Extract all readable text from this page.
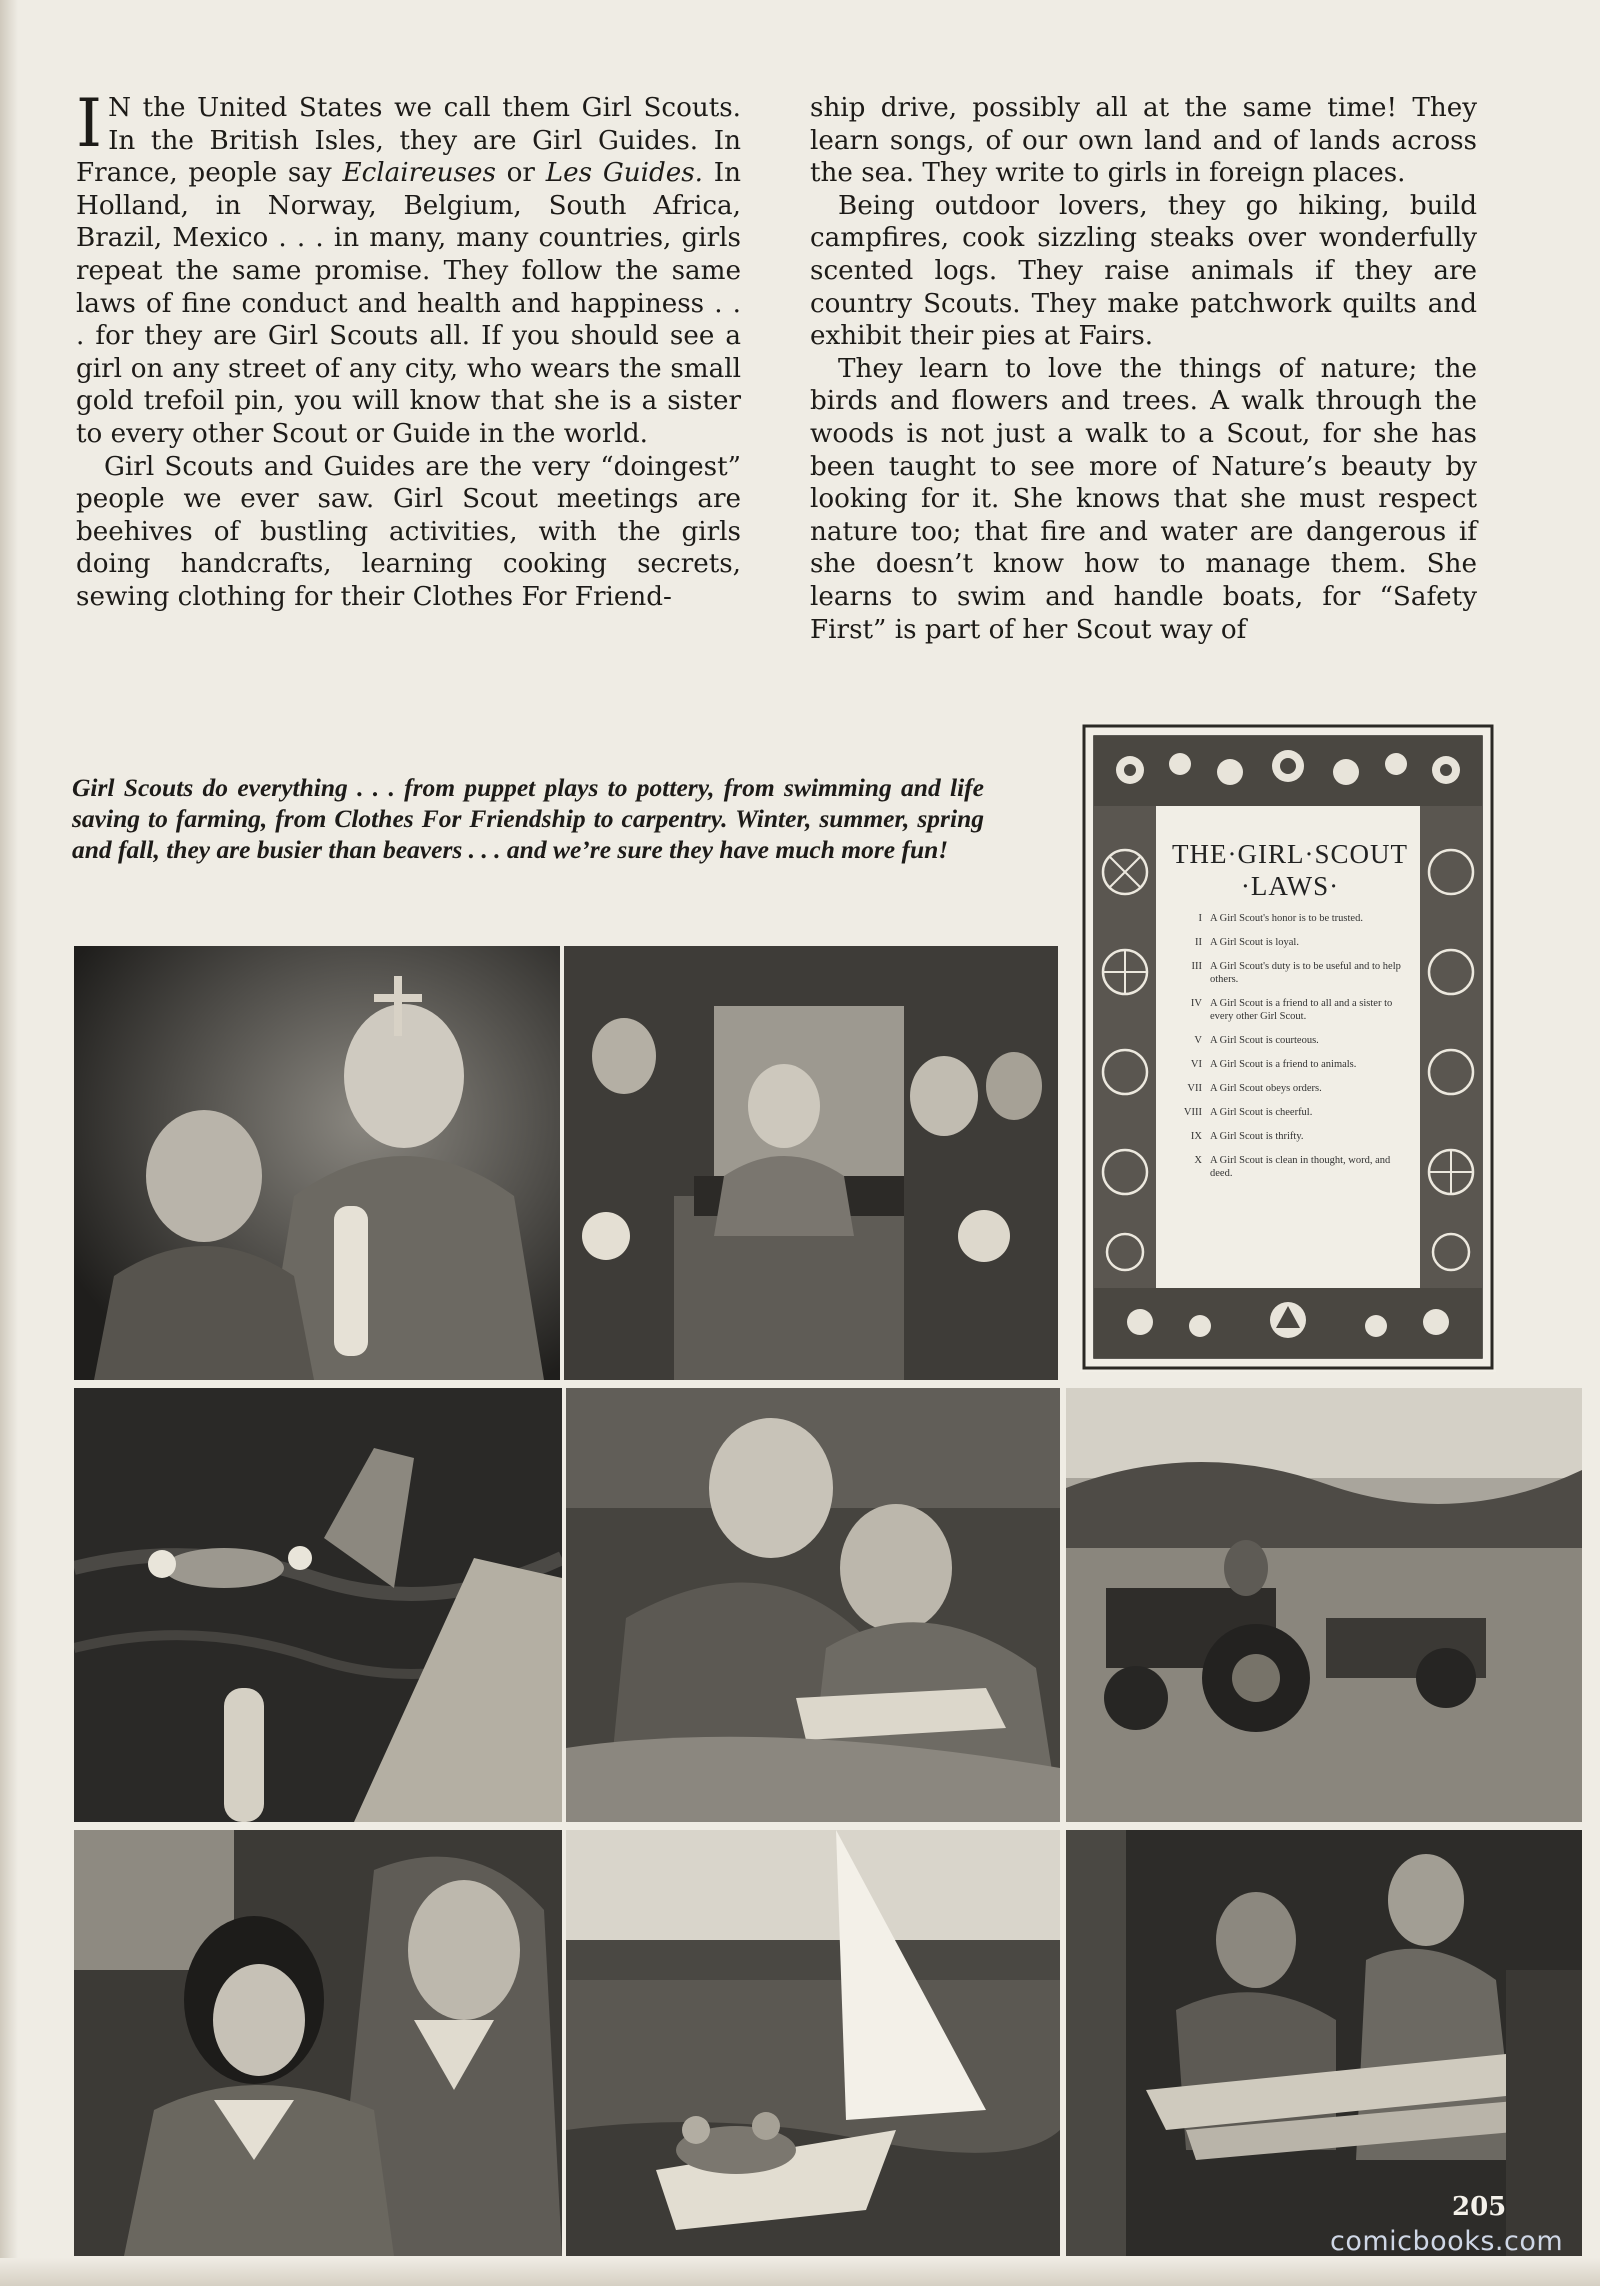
I N the United States we call them Girl Scouts. In the British Isles, they are Girl Guides. In France, people say Eclaireuses or Les Guides. In Holland, in Norway, Belgium, South Africa, Brazil, Mexico . . . in many, many countries, girls repeat the same promise. They follow the same laws of fine conduct and health and happiness . . . for they are Girl Scouts all. If you should see a girl on any street of any city, who wears the small gold trefoil pin, you will know that she is a sister to every other Scout or Guide in the world.

Girl Scouts and Guides are the very “doingest” people we ever saw. Girl Scout meetings are beehives of bustling activities, with the girls doing handcrafts, learning cooking secrets, sewing clothing for their Clothes For Friend-

ship drive, possibly all at the same time! They learn songs, of our own land and of lands across the sea. They write to girls in foreign places.

Being outdoor lovers, they go hiking, build campfires, cook sizzling steaks over wonderfully scented logs. They raise animals if they are country Scouts. They make patchwork quilts and exhibit their pies at Fairs.

They learn to love the things of nature; the birds and flowers and trees. A walk through the woods is not just a walk to a Scout, for she has been taught to see more of Nature’s beauty by looking for it. She knows that she must respect nature too; that fire and water are dangerous if she doesn’t know how to manage them. She learns to swim and handle boats, for “Safety First” is part of her Scout way of

Girl Scouts do everything . . . from puppet plays to pottery, from swimming and life saving to farming, from Clothes For Friendship to carpentry. Winter, summer, spring and fall, they are busier than beavers . . . and we’re sure they have much more fun!	THE·GIRL·SCOUT
·LAWS·
I A Girl Scout's honor is to be trusted.
II A Girl Scout is loyal.
III A Girl Scout's duty is to be useful and to help others.
IV A Girl Scout is a friend to all and a sister to every other Girl Scout.
V A Girl Scout is courteous.
VI A Girl Scout is a friend to animals.
VII A Girl Scout obeys orders.
VIII A Girl Scout is cheerful.
IX A Girl Scout is thrifty.
X A Girl Scout is clean in thought, word, and deed.
205
comicbooks.com
